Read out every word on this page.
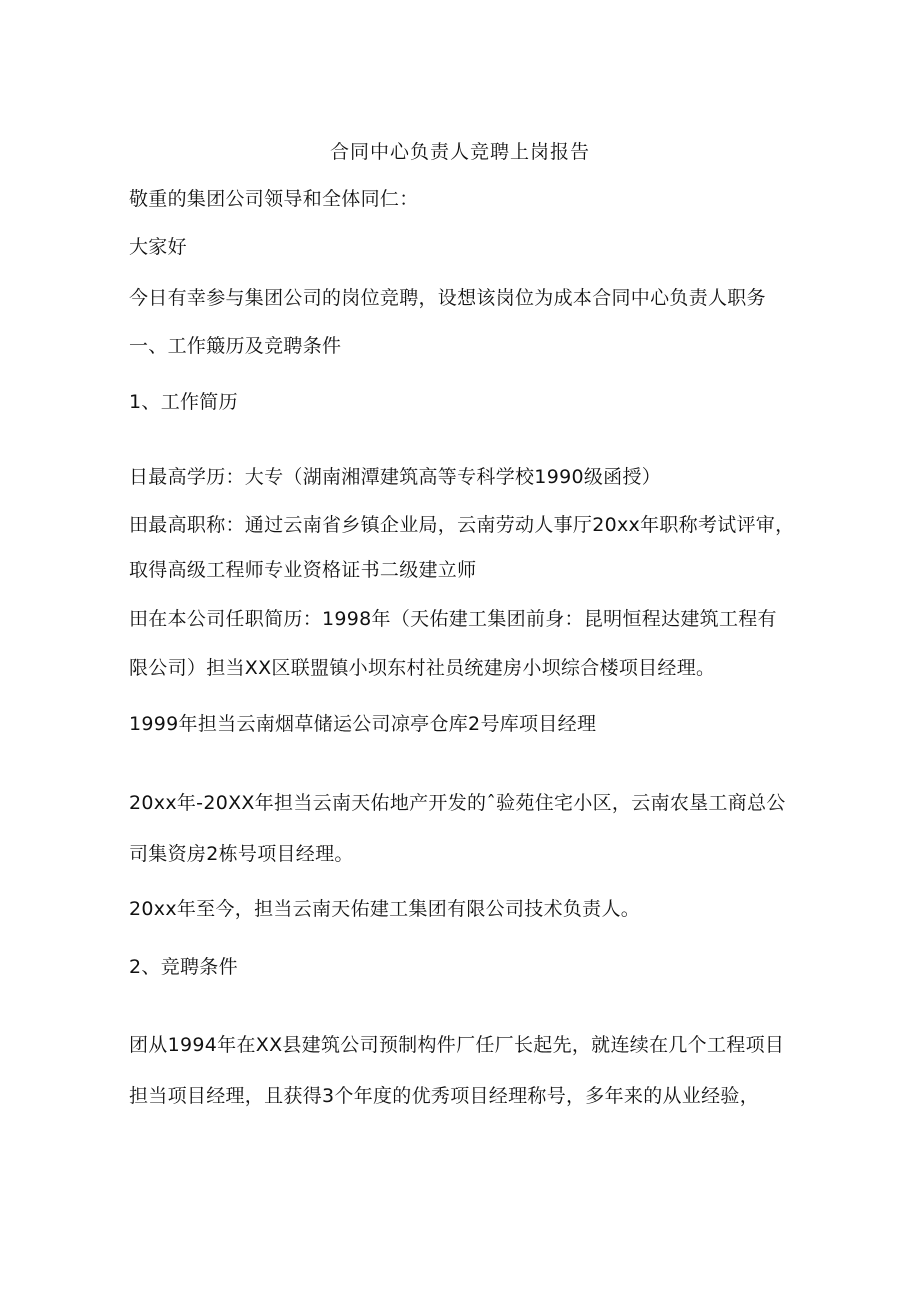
合同中心负责人竞聘上岗报告

敬重的集团公司领导和全体同仁：

大家好

今日有幸参与集团公司的岗位竞聘，设想该岗位为成本合同中心负责人职务

一、工作簸历及竞聘条件

1、工作简历

日最高学历：大专（湖南湘潭建筑高等专科学校1990级函授）

田最高职称：通过云南省乡镇企业局，云南劳动人事厅20xx年职称考试评审，

取得高级工程师专业资格证书二级建立师

田在本公司任职简历：1998年（天佑建工集团前身：昆明恒程达建筑工程有

限公司）担当XX区联盟镇小坝东村社员统建房小坝综合楼项目经理。

1999年担当云南烟草储运公司凉亭仓库2号库项目经理

20xx年-20XX年担当云南天佑地产开发的ˆ验苑住宅小区，云南农垦工商总公

司集资房2栋号项目经理。

20xx年至今，担当云南天佑建工集团有限公司技术负责人。

2、竞聘条件

团从1994年在XX县建筑公司预制构件厂任厂长起先，就连续在几个工程项目

担当项目经理，且获得3个年度的优秀项目经理称号，多年来的从业经验，
